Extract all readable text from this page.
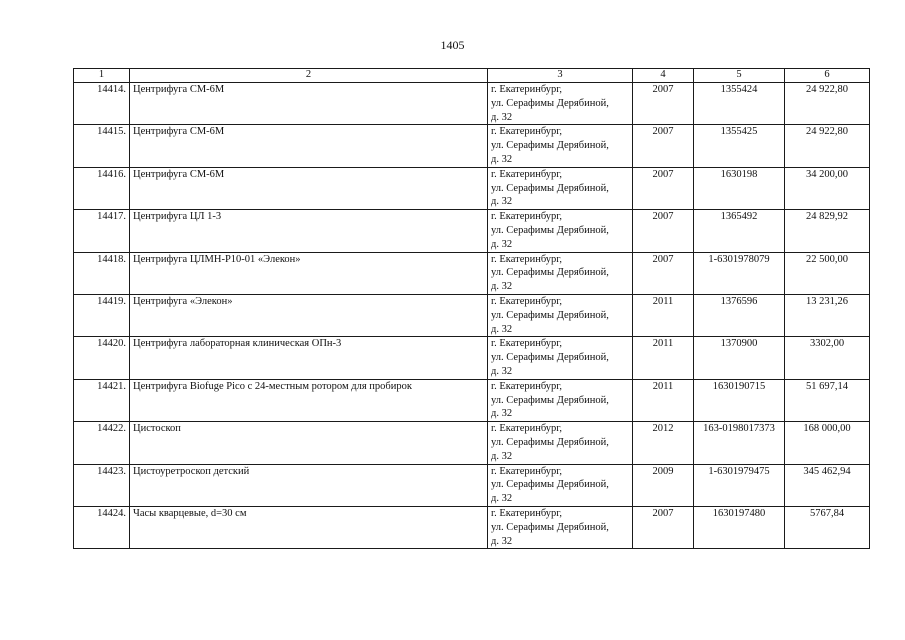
1405
1	2	3	4	5	6
14414.	Центрифуга СМ-6М	г. Екатеринбург,
ул. Серафимы Дерябиной,
д. 32	2007	1355424	24 922,80
14415.	Центрифуга СМ-6М	г. Екатеринбург,
ул. Серафимы Дерябиной,
д. 32	2007	1355425	24 922,80
14416.	Центрифуга СМ-6М	г. Екатеринбург,
ул. Серафимы Дерябиной,
д. 32	2007	1630198	34 200,00
14417.	Центрифуга ЦЛ 1-3	г. Екатеринбург,
ул. Серафимы Дерябиной,
д. 32	2007	1365492	24 829,92
14418.	Центрифуга ЦЛМН-Р10-01 «Элекон»	г. Екатеринбург,
ул. Серафимы Дерябиной,
д. 32	2007	1-6301978079	22 500,00
14419.	Центрифуга «Элекон»	г. Екатеринбург,
ул. Серафимы Дерябиной,
д. 32	2011	1376596	13 231,26
14420.	Центрифуга лабораторная клиническая ОПн-3	г. Екатеринбург,
ул. Серафимы Дерябиной,
д. 32	2011	1370900	3302,00
14421.	Центрифуга Biofuge Pico с 24-местным ротором для пробирок	г. Екатеринбург,
ул. Серафимы Дерябиной,
д. 32	2011	1630190715	51 697,14
14422.	Цистоскоп	г. Екатеринбург,
ул. Серафимы Дерябиной,
д. 32	2012	163-0198017373	168 000,00
14423.	Цистоуретроскоп детский	г. Екатеринбург,
ул. Серафимы Дерябиной,
д. 32	2009	1-6301979475	345 462,94
14424.	Часы кварцевые, d=30 см	г. Екатеринбург,
ул. Серафимы Дерябиной,
д. 32	2007	1630197480	5767,84
